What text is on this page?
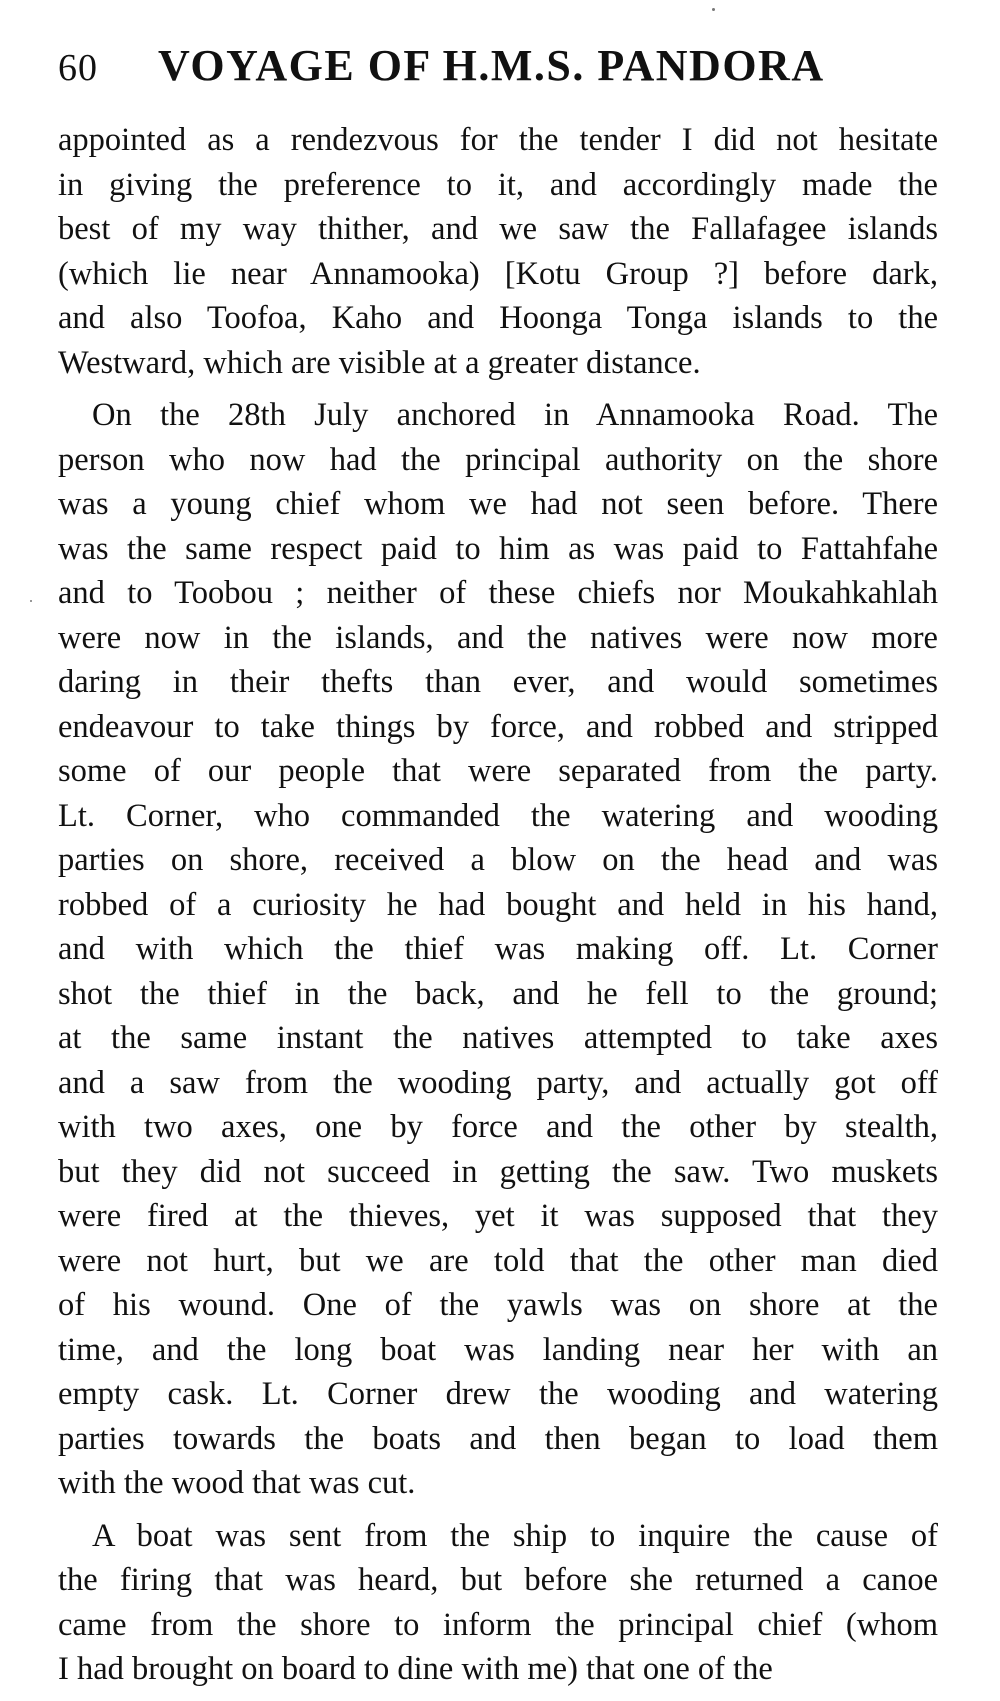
60	VOYAGE OF H.M.S. PANDORA
appointed as a rendezvous for the tender I did not hesitate
in giving the preference to it, and accordingly made the
best of my way thither, and we saw the Fallafagee islands
(which lie near Annamooka) [Kotu Group ?] before dark,
and also Toofoa, Kaho and Hoonga Tonga islands to the
Westward, which are visible at a greater distance.
On the 28th July anchored in Annamooka Road. The
person who now had the principal authority on the shore
was a young chief whom we had not seen before. There
was the same respect paid to him as was paid to Fattahfahe
and to Toobou ; neither of these chiefs nor Moukahkahlah
were now in the islands, and the natives were now more
daring in their thefts than ever, and would sometimes
endeavour to take things by force, and robbed and stripped
some of our people that were separated from the party.
Lt. Corner, who commanded the watering and wooding
parties on shore, received a blow on the head and was
robbed of a curiosity he had bought and held in his hand,
and with which the thief was making off. Lt. Corner
shot the thief in the back, and he fell to the ground;
at the same instant the natives attempted to take axes
and a saw from the wooding party, and actually got off
with two axes, one by force and the other by stealth,
but they did not succeed in getting the saw. Two muskets
were fired at the thieves, yet it was supposed that they
were not hurt, but we are told that the other man died
of his wound. One of the yawls was on shore at the
time, and the long boat was landing near her with an
empty cask. Lt. Corner drew the wooding and watering
parties towards the boats and then began to load them
with the wood that was cut.
A boat was sent from the ship to inquire the cause of
the firing that was heard, but before she returned a canoe
came from the shore to inform the principal chief (whom
I had brought on board to dine with me) that one of the
